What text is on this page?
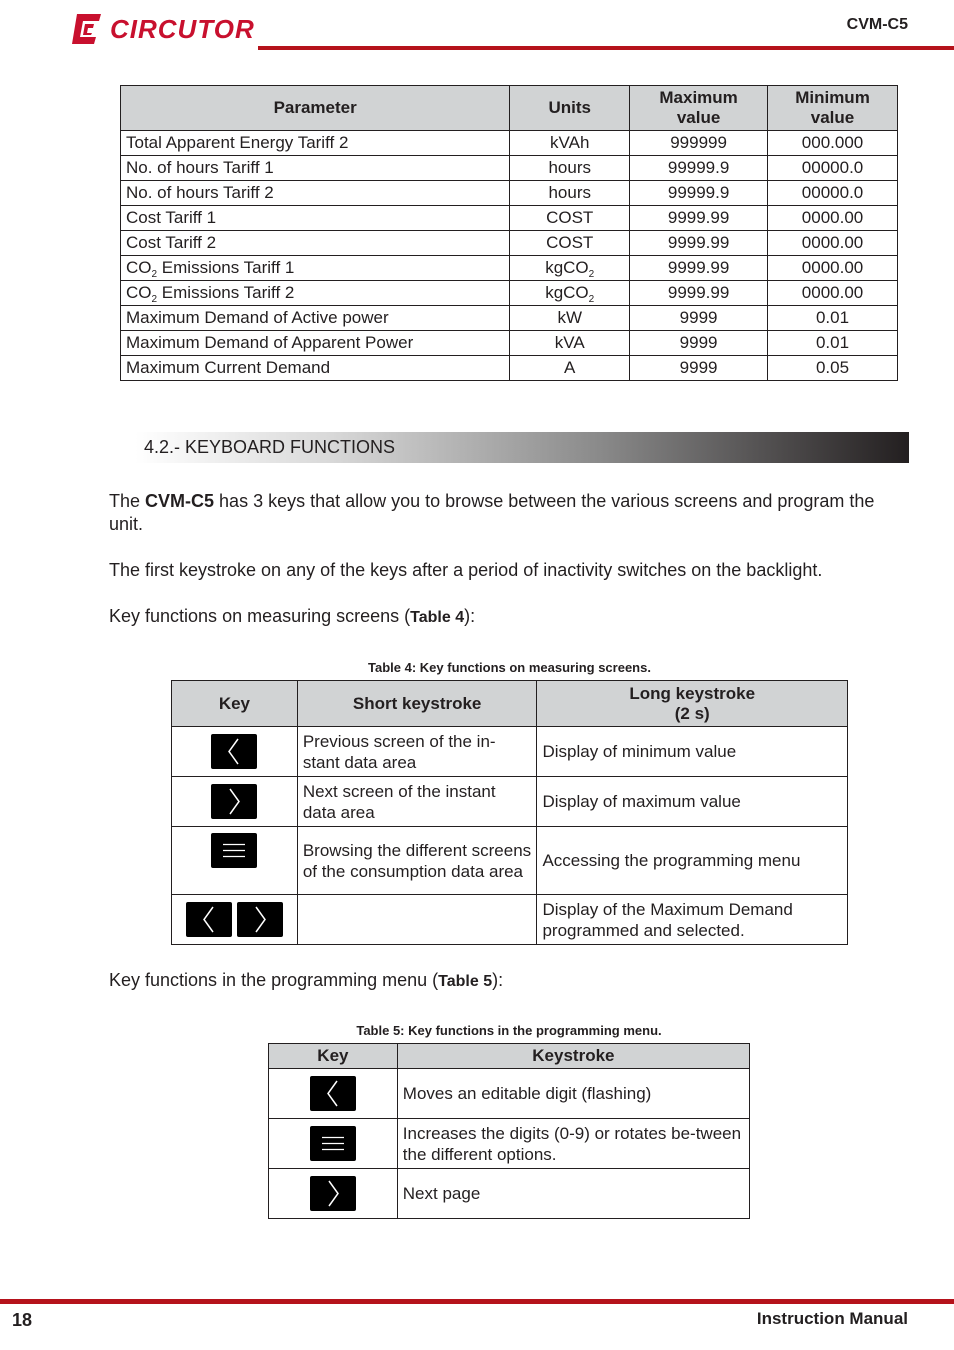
CIRCUTOR	CVM-C5
Parameter	Units	Maximum value	Minimum value
Total Apparent Energy Tariff 2	kVAh	999999	000.000
No. of hours Tariff 1	hours	99999.9	00000.0
No. of hours Tariff 2	hours	99999.9	00000.0
Cost Tariff 1	COST	9999.99	0000.00
Cost Tariff 2	COST	9999.99	0000.00
$CO_2$ Emissions Tariff 1	kgCO$_2$	9999.99	0000.00
$CO_2$ Emissions Tariff 2	kgCO$_2$	9999.99	0000.00
Maximum Demand of Active power	kW	9999	0.01
Maximum Demand of Apparent Power	kVA	9999	0.01
Maximum Current Demand	A	9999	0.05
4.2.- KEYBOARD FUNCTIONS
The CVM-C5 has 3 keys that allow you to browse between the various screens and program the unit.
The first keystroke on any of the keys after a period of inactivity switches on the backlight.
Key functions on measuring screens (Table 4):
Table 4: Key functions on measuring screens.
Key	Short keystroke	Long keystroke
(2 s)

	Previous screen of the in-stant data area	Display of minimum value

	Next screen of the instant data area	Display of maximum value

	Browsing the different screens of the consumption data area	Accessing the programming menu

		Display of the Maximum Demand programmed and selected.
Key functions in the programming menu (Table 5):
Table 5: Key functions in the programming menu.
Key	Keystroke

	Moves an editable digit (flashing)

	Increases the digits (0-9) or rotates be-tween the different options.

	Next page
18	Instruction Manual
